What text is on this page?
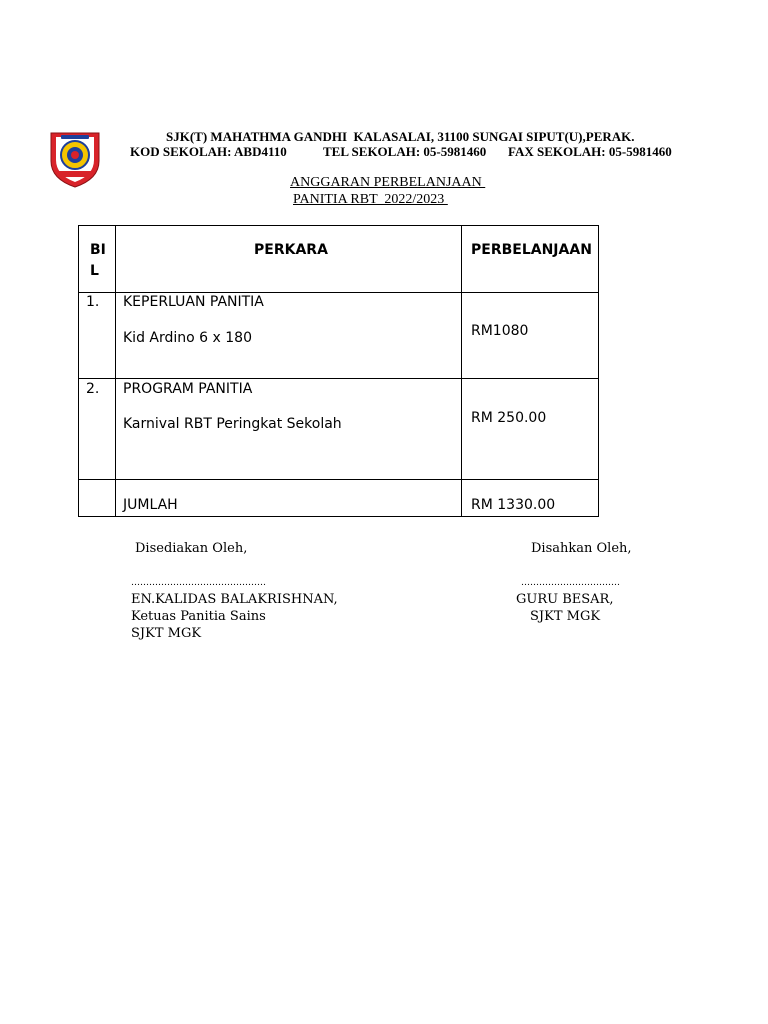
SJK(T) MAHATHMA GANDHI  KALASALAI, 31100 SUNGAI SIPUT(U),PERAK.
KOD SEKOLAH: ABD4110	TEL SEKOLAH: 05-5981460 FAX SEKOLAH: 05-5981460
ANGGARAN PERBELANJAAN
PANITIA RBT  2022/2023
BI
L
PERKARA	PERBELANJAAN
1. KEPERLUAN PANITIA
Kid Ardino 6 x 180	RM1080
2. PROGRAM PANITIA
Karnival RBT Peringkat Sekolah	RM 250.00
JUMLAH	RM 1330.00
Disediakan Oleh,
………………………………………
EN.KALIDAS BALAKRISHNAN,
Ketuas Panitia Sains
SJKT MGK
Disahkan Oleh,
……………………………
GURU BESAR,
SJKT MGK
